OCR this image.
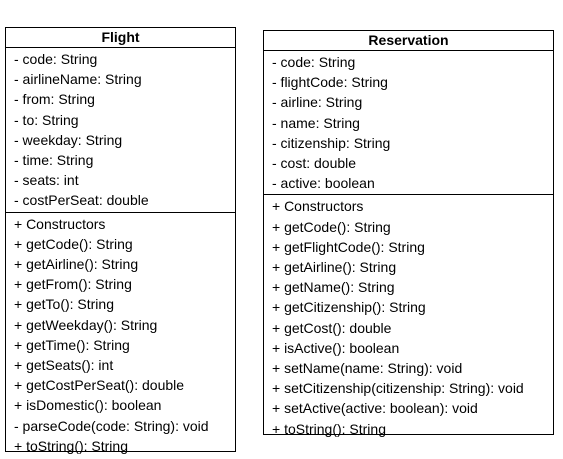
Flight
- code: String
- airlineName: String
- from: String
- to: String
- weekday: String
- time: String
- seats: int
- costPerSeat: double
+ Constructors
+ getCode(): String
+ getAirline(): String
+ getFrom(): String
+ getTo(): String
+ getWeekday(): String
+ getTime(): String
+ getSeats(): int
+ getCostPerSeat(): double
+ isDomestic(): boolean
- parseCode(code: String): void
+ toString(): String
Reservation
- code: String
- flightCode: String
- airline: String
- name: String
- citizenship: String
- cost: double
- active: boolean
+ Constructors
+ getCode(): String
+ getFlightCode(): String
+ getAirline(): String
+ getName(): String
+ getCitizenship(): String
+ getCost(): double
+ isActive(): boolean
+ setName(name: String): void
+ setCitizenship(citizenship: String): void
+ setActive(active: boolean): void
+ toString(): String
